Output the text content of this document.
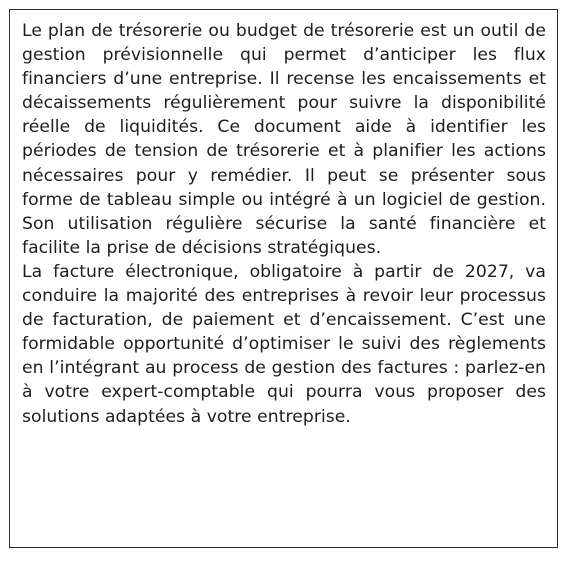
Le plan de trésorerie ou budget de trésorerie est un outil de gestion prévisionnelle qui permet d’anticiper les flux financiers d’une entreprise. Il recense les encaissements et décaissements régulièrement pour suivre la disponibilité réelle de liquidités. Ce document aide à identifier les périodes de tension de trésorerie et à planifier les actions nécessaires pour y remédier. Il peut se présenter sous forme de tableau simple ou intégré à un logiciel de gestion. Son utilisation régulière sécurise la santé financière et facilite la prise de décisions stratégiques.

La facture électronique, obligatoire à partir de 2027, va conduire la majorité des entreprises à revoir leur processus de facturation, de paiement et d’encaissement. C’est une formidable opportunité d’optimiser le suivi des règlements en l’intégrant au process de gestion des factures : parlez-en à votre expert-comptable qui pourra vous proposer des solutions adaptées à votre entreprise.
